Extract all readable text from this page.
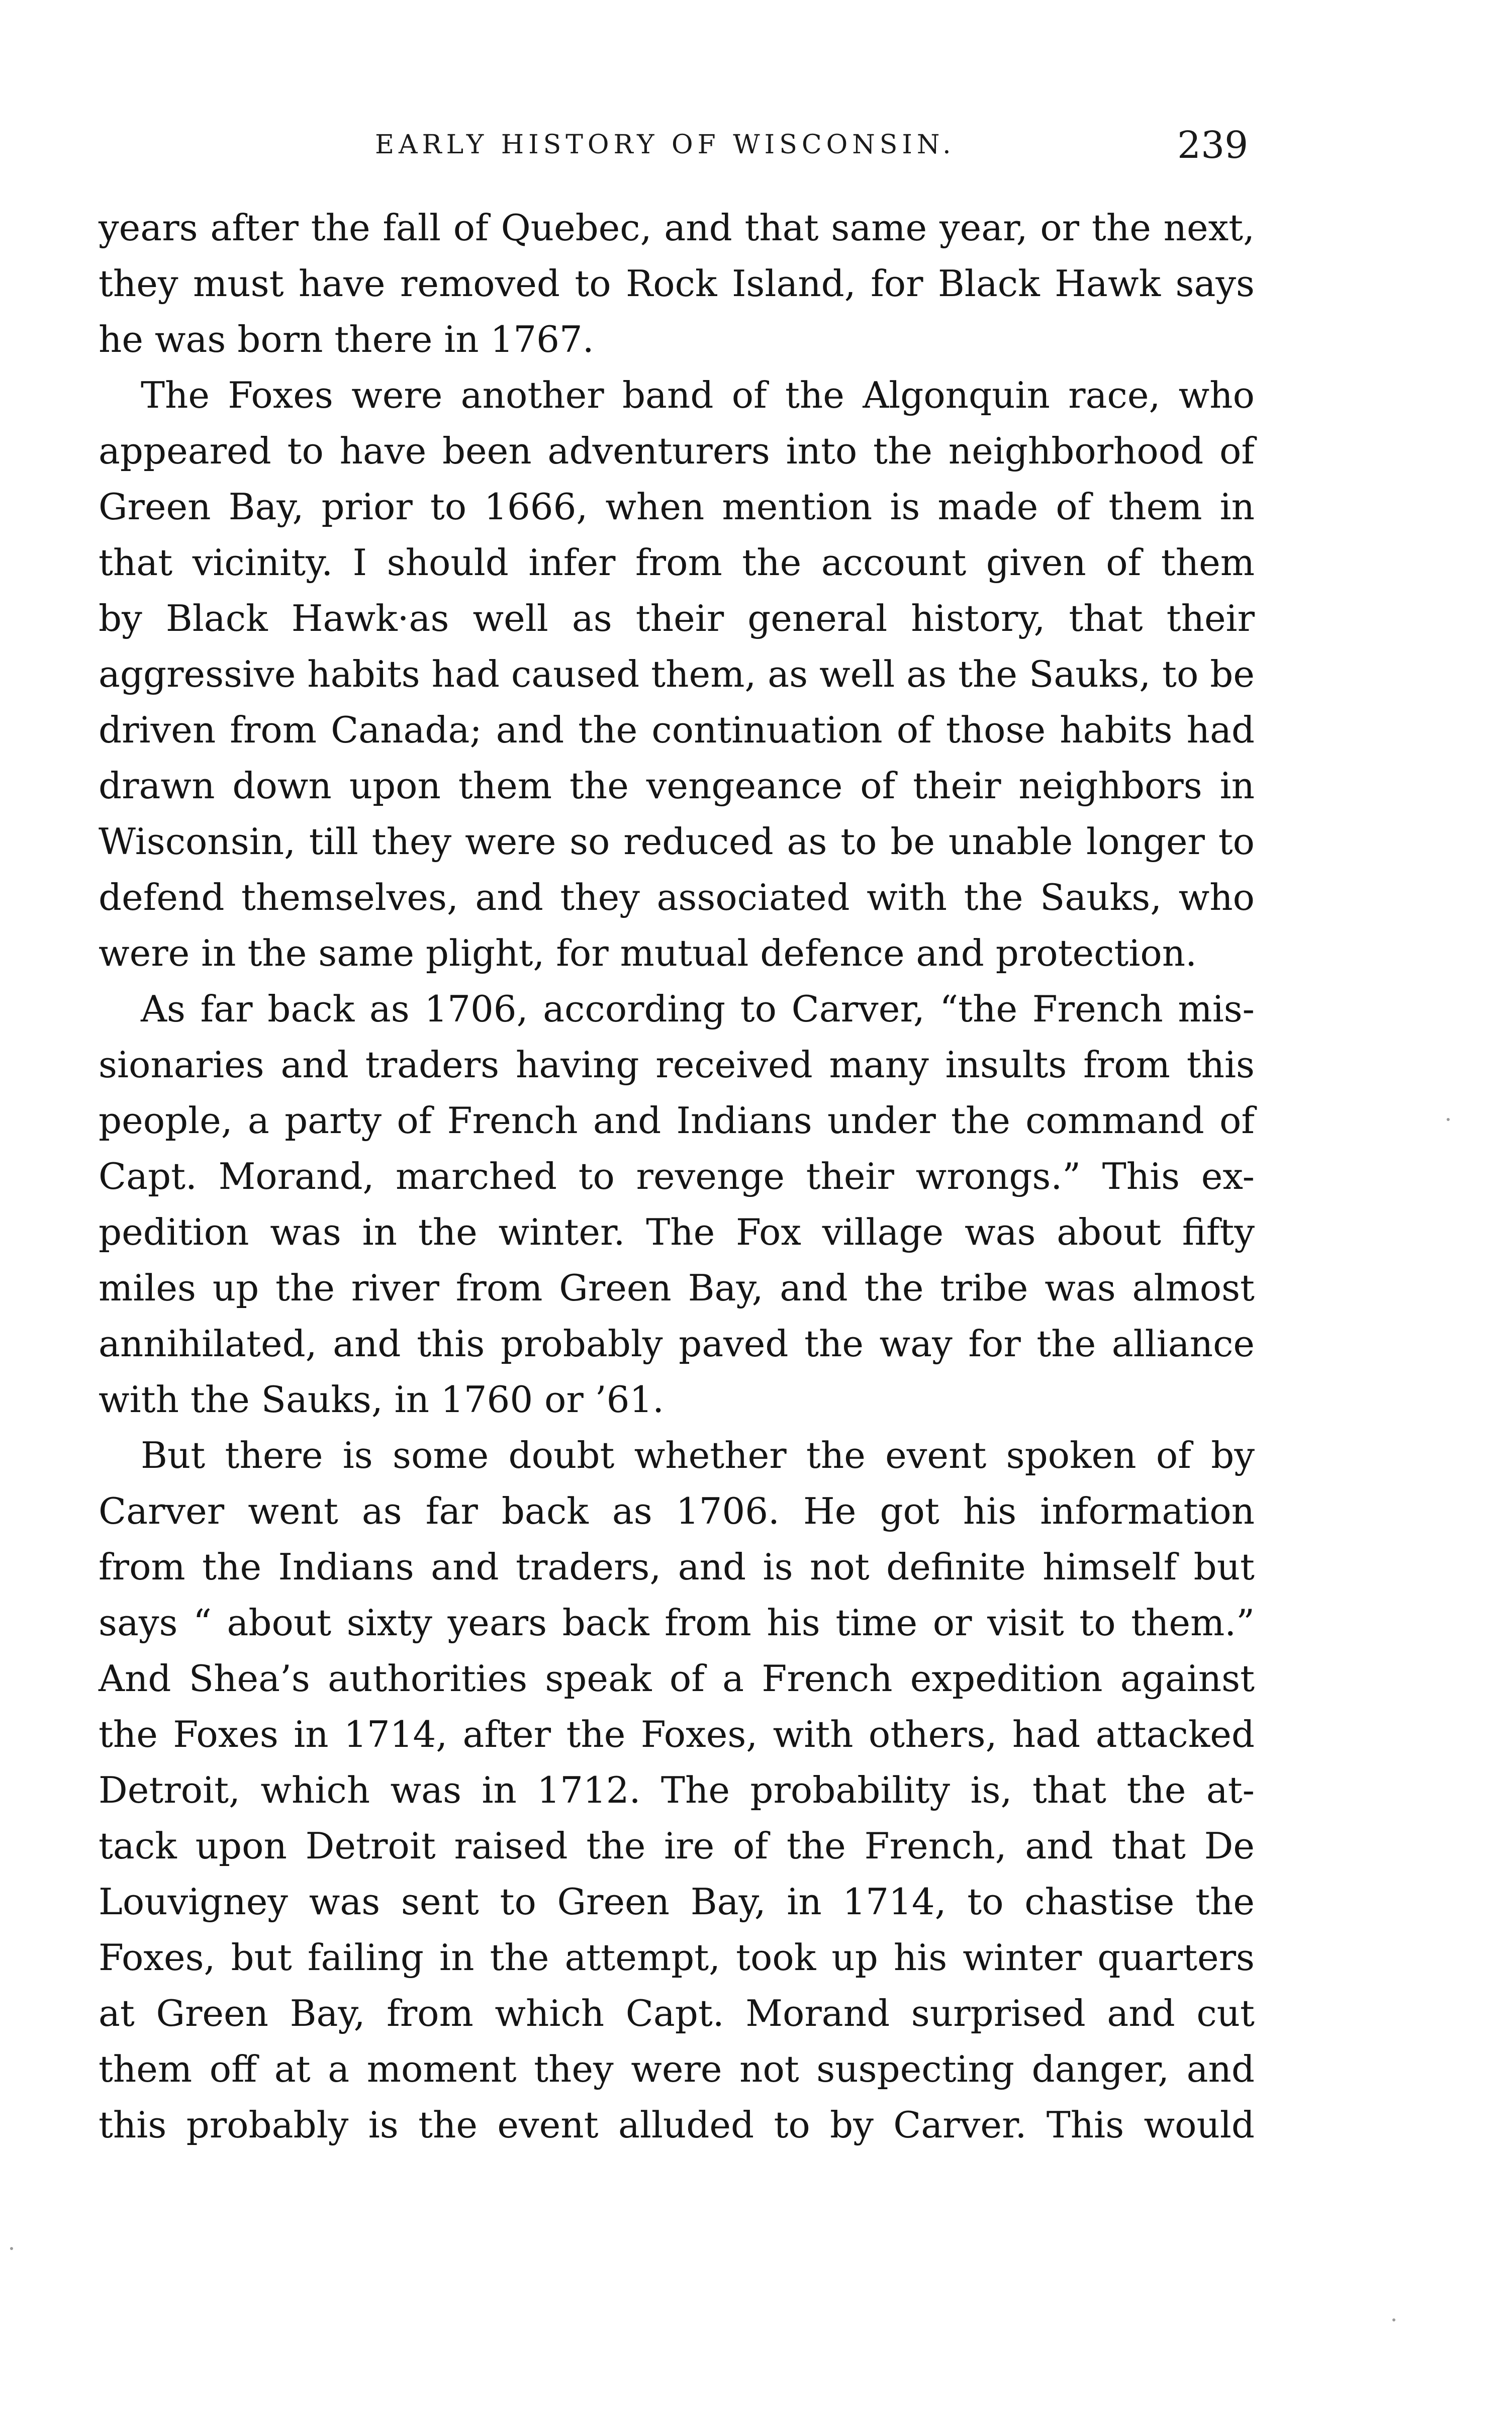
EARLY HISTORY OF WISCONSIN.	239
years after the fall of Quebec, and that same year, or the next,
they must have removed to Rock Island, for Black Hawk says
he was born there in 1767.
The Foxes were another band of the Algonquin race, who
appeared to have been adventurers into the neighborhood of
Green Bay, prior to 1666, when mention is made of them in
that vicinity. I should infer from the account given of them
by Black Hawk·as well as their general history, that their
aggressive habits had caused them, as well as the Sauks, to be
driven from Canada; and the continuation of those habits had
drawn down upon them the vengeance of their neighbors in
Wisconsin, till they were so reduced as to be unable longer to
defend themselves, and they associated with the Sauks, who
were in the same plight, for mutual defence and protection.
As far back as 1706, according to Carver, “the French mis-
sionaries and traders having received many insults from this
people, a party of French and Indians under the command of
Capt. Morand, marched to revenge their wrongs.” This ex-
pedition was in the winter. The Fox village was about fifty
miles up the river from Green Bay, and the tribe was almost
annihilated, and this probably paved the way for the alliance
with the Sauks, in 1760 or ’61.
But there is some doubt whether the event spoken of by
Carver went as far back as 1706. He got his information
from the Indians and traders, and is not definite himself but
says “ about sixty years back from his time or visit to them.”
And Shea’s authorities speak of a French expedition against
the Foxes in 1714, after the Foxes, with others, had attacked
Detroit, which was in 1712. The probability is, that the at-
tack upon Detroit raised the ire of the French, and that De
Louvigney was sent to Green Bay, in 1714, to chastise the
Foxes, but failing in the attempt, took up his winter quarters
at Green Bay, from which Capt. Morand surprised and cut
them off at a moment they were not suspecting danger, and
this probably is the event alluded to by Carver. This would
